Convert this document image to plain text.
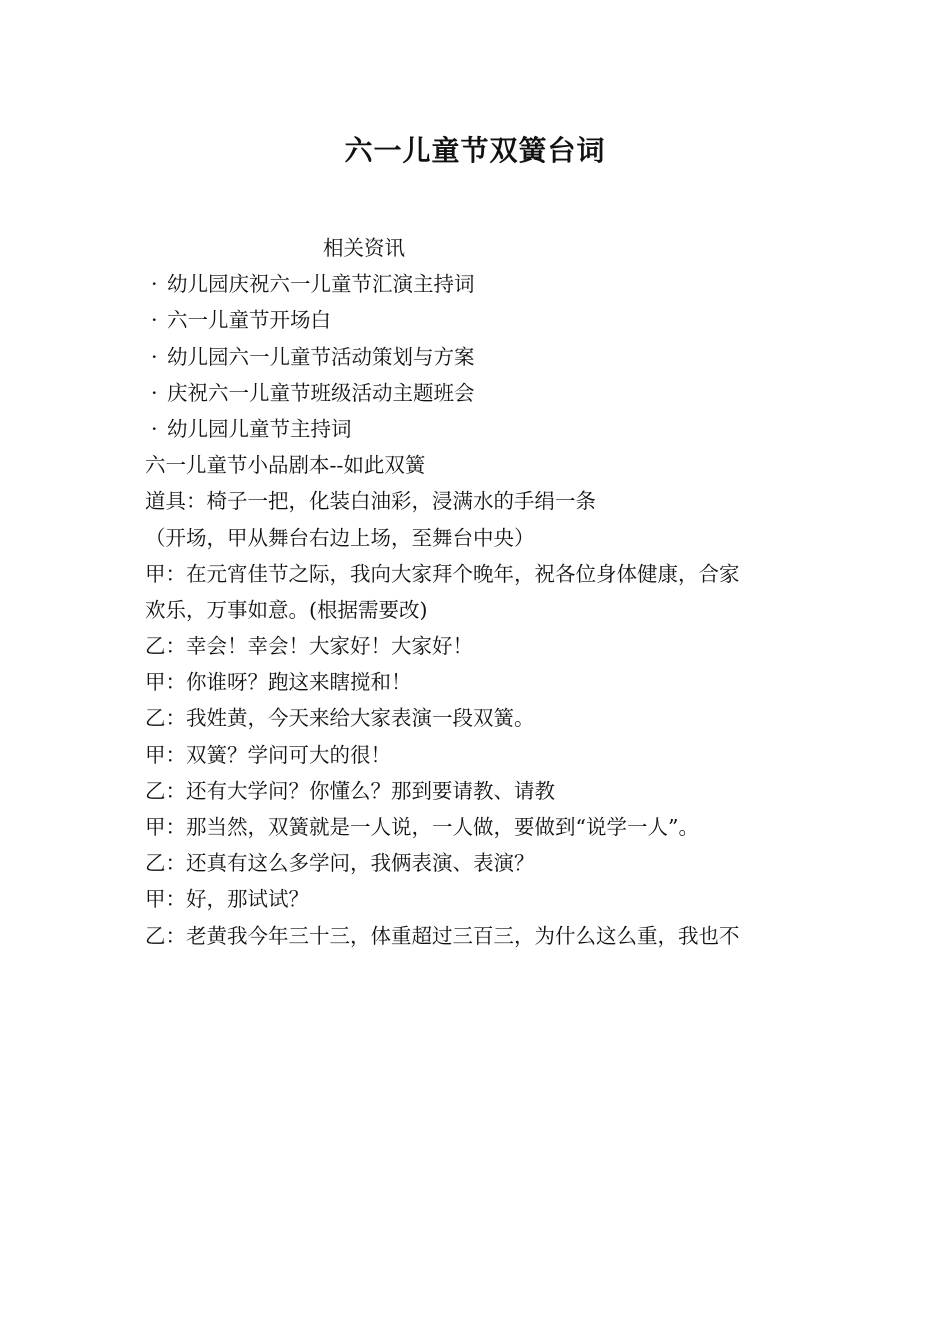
六一儿童节双簧台词
相关资讯
· 幼儿园庆祝六一儿童节汇演主持词
· 六一儿童节开场白
· 幼儿园六一儿童节活动策划与方案
· 庆祝六一儿童节班级活动主题班会
· 幼儿园儿童节主持词
六一儿童节小品剧本--如此双簧
道具：椅子一把，化装白油彩，浸满水的手绢一条
（开场，甲从舞台右边上场，至舞台中央）
甲：在元宵佳节之际，我向大家拜个晚年，祝各位身体健康，合家
欢乐，万事如意。(根据需要改)
乙：幸会！幸会！大家好！大家好！
甲：你谁呀？跑这来瞎搅和！
乙：我姓黄，今天来给大家表演一段双簧。
甲：双簧？学问可大的很！
乙：还有大学问？你懂么？那到要请教、请教
甲：那当然，双簧就是一人说，一人做，要做到“说学一人”。
乙：还真有这么多学问，我俩表演、表演？
甲：好，那试试？
乙：老黄我今年三十三，体重超过三百三，为什么这么重，我也不
